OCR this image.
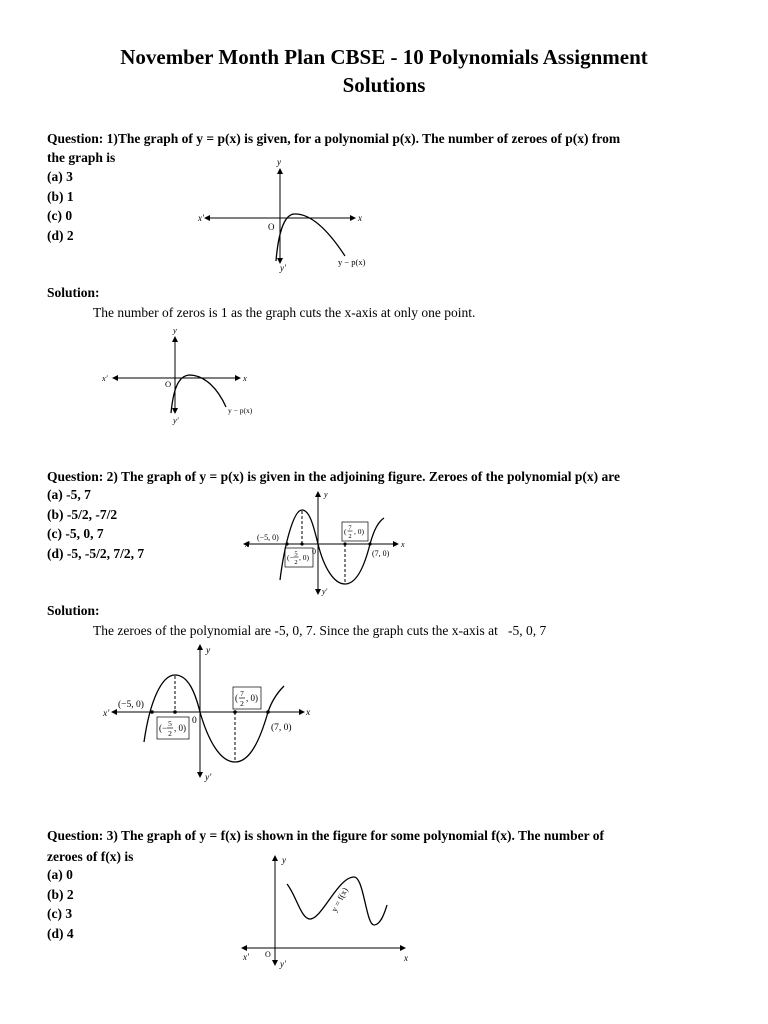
November Month Plan CBSE - 10 Polynomials Assignment
Solutions
Question: 1)The graph of y = p(x) is given, for a polynomial p(x). The number of zeroes of p(x) from
the graph is
(a) 3
(b) 1
(c) 0
(d) 2
y
x′	x
O
y′
y − p(x)
Solution:
The number of zeros is 1 as the graph cuts the x-axis at only one point.
y
x′	x
O
y′
y − p(x)
Question: 2) The graph of y = p(x) is given in the adjoining figure. Zeroes of the polynomial p(x) are
(a) -5, 7
(b) -5/2, -7/2
(c) -5, 0, 7
(d) -5, -5/2, 7/2, 7
y
x′	x
y′
0
(−5, 0)
(− 5
2
, 0)
( 7
2
, 0)
(7, 0)
Solution:
The zeroes of the polynomial are -5, 0, 7. Since the graph cuts the x-axis at   -5, 0, 7
y
x′	x
y′
0
(−5, 0)
(− 5
2
, 0)
( 7
2
, 0)
(7, 0)
Question: 3) The graph of y = f(x) is shown in the figure for some polynomial f(x). The number of
zeroes of f(x) is
(a) 0
(b) 2
(c) 3
(d) 4
y
x′ O
y′
x
y = f(x)
